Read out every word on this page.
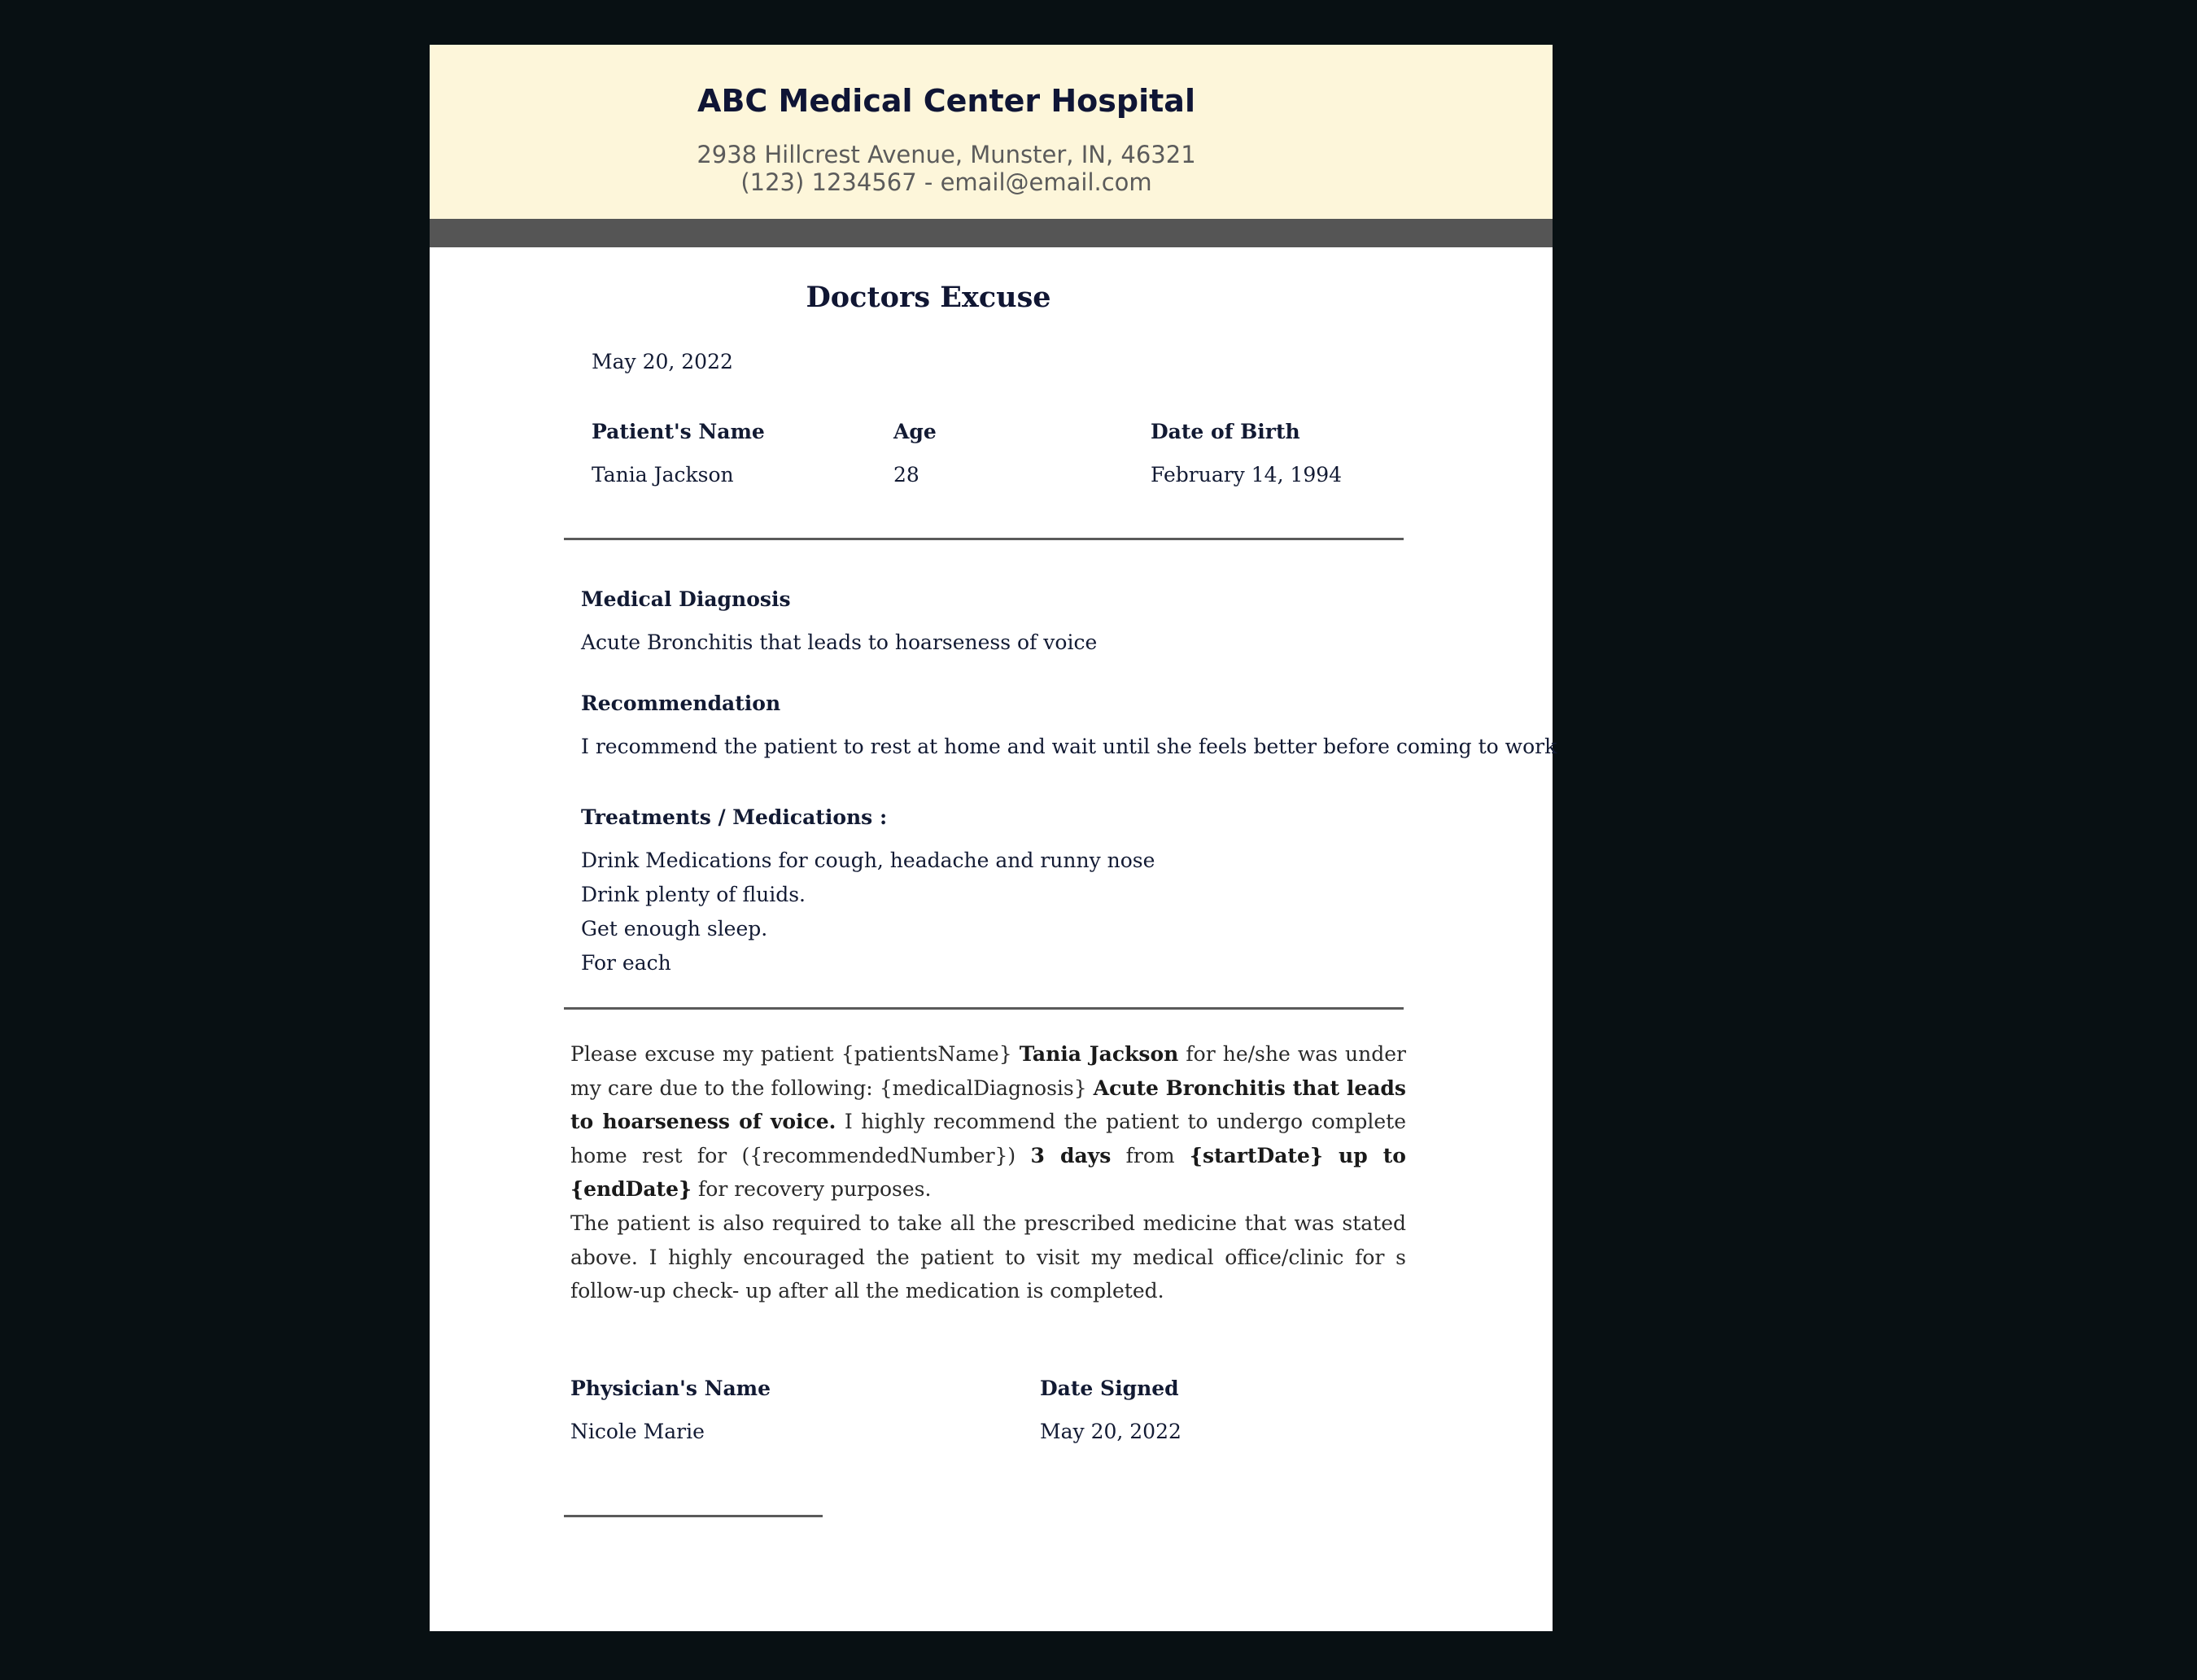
ABC Medical Center Hospital
2938 Hillcrest Avenue, Munster, IN, 46321
(123) 1234567 - email@email.com
Doctors Excuse
May 20, 2022
Patient's Name	Age	Date of Birth
Tania Jackson	28	February 14, 1994
Medical Diagnosis
Acute Bronchitis that leads to hoarseness of voice
Recommendation
I recommend the patient to rest at home and wait until she feels better before coming to work
Treatments / Medications :
Drink Medications for cough, headache and runny nose
Drink plenty of fluids.
Get enough sleep.
For each

Please excuse my patient {patientsName} Tania Jackson for he/she was under my care due to the following: {medicalDiagnosis} Acute Bronchitis that leads to hoarseness of voice. I highly recommend the patient to undergo complete home rest for ({recommendedNumber}) 3 days from {startDate} up to {endDate} for recovery purposes.
The patient is also required to take all the prescribed medicine that was stated above. I highly encouraged the patient to visit my medical office/clinic for s follow-up check- up after all the medication is completed.

Physician's Name	Date Signed
Nicole Marie	May 20, 2022
